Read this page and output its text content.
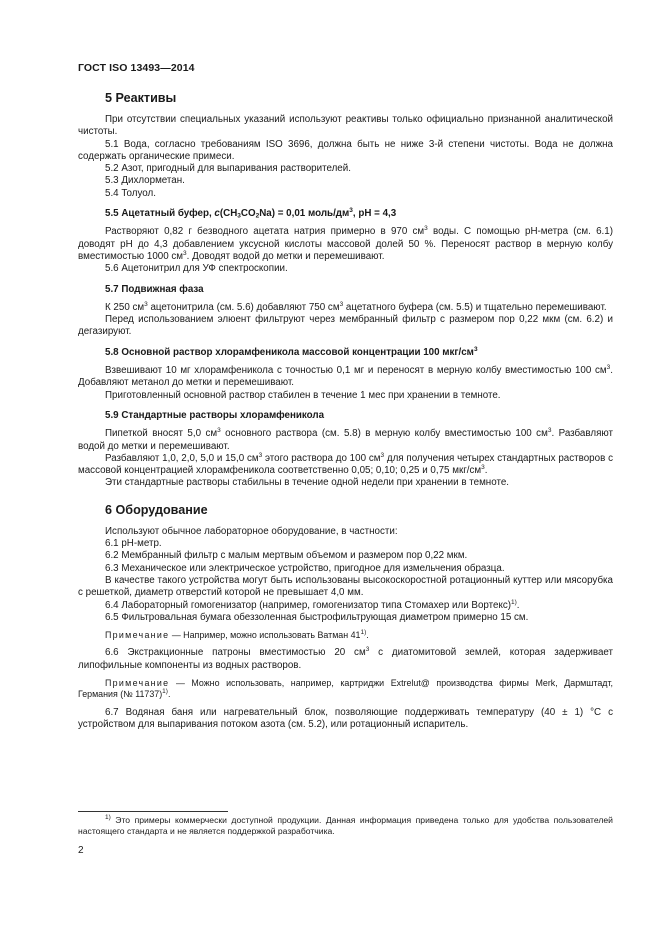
ГОСТ ISO 13493—2014
5 Реактивы

При отсутствии специальных указаний используют реактивы только официально признанной аналитической чистоты.

5.1 Вода, согласно требованиям ISO 3696, должна быть не ниже 3-й степени чистоты. Вода не должна содержать органические примеси.

5.2 Азот, пригодный для выпаривания растворителей.

5.3 Дихлорметан.

5.4 Толуол.

5.5 Ацетатный буфер, $c(CH_3CO_2Na) = 0,01$ моль/$дм^3$, pH = 4,3

Растворяют 0,82 г безводного ацетата натрия примерно в 970 $см^3$ воды. С помощью pH-метра (см. 6.1) доводят pH до 4,3 добавлением уксусной кислоты массовой долей 50 %. Переносят раствор в мерную колбу вместимостью 1000 $см^3$. Доводят водой до метки и перемешивают.

5.6 Ацетонитрил для УФ спектроскопии.

5.7 Подвижная фаза

К 250 $см^3$ ацетонитрила (см. 5.6) добавляют 750 $см^3$ ацетатного буфера (см. 5.5) и тщательно перемешивают.

Перед использованием элюент фильтруют через мембранный фильтр с размером пор 0,22 мкм (см. 6.2) и дегазируют.

5.8 Основной раствор хлорамфеникола массовой концентрации 100 мкг/$см^3$

Взвешивают 10 мг хлорамфеникола с точностью 0,1 мг и переносят в мерную колбу вместимостью 100 $см^3$. Добавляют метанол до метки и перемешивают.

Приготовленный основной раствор стабилен в течение 1 мес при хранении в темноте.

5.9 Стандартные растворы хлорамфеникола

Пипеткой вносят 5,0 $см^3$ основного раствора (см. 5.8) в мерную колбу вместимостью 100 $см^3$. Разбавляют водой до метки и перемешивают.

Разбавляют 1,0, 2,0, 5,0 и 15,0 $см^3$ этого раствора до 100 $см^3$ для получения четырех стандартных растворов с массовой концентрацией хлорамфеникола соответственно 0,05; 0,10; 0,25 и 0,75 мкг/$см^3$.

Эти стандартные растворы стабильны в течение одной недели при хранении в темноте.

6 Оборудование

Используют обычное лабораторное оборудование, в частности:

6.1 pH-метр.

6.2 Мембранный фильтр с малым мертвым объемом и размером пор 0,22 мкм.

6.3 Механическое или электрическое устройство, пригодное для измельчения образца.

В качестве такого устройства могут быть использованы высокоскоростной ротационный куттер или мясорубка с решеткой, диаметр отверстий которой не превышает 4,0 мм.

6.4 Лабораторный гомогенизатор (например, гомогенизатор типа Стомахер или Вортекс)$^{1)}$.

6.5 Фильтровальная бумага обеззоленная быстрофильтрующая диаметром примерно 15 см.

Примечание — Например, можно использовать Ватман 41$^{1)}$.

6.6 Экстракционные патроны вместимостью 20 $см^3$ с диатомитовой землей, которая задерживает липофильные компоненты из водных растворов.

Примечание — Можно использовать, например, картриджи Extrelut@ производства фирмы Merk, Дармштадт, Германия (№ 11737)$^{1)}$.

6.7 Водяная баня или нагревательный блок, позволяющие поддерживать температуру (40 ± 1) °С с устройством для выпаривания потоком азота (см. 5.2), или ротационный испаритель.

$^{1)}$ Это примеры коммерчески доступной продукции. Данная информация приведена только для удобства пользователей настоящего стандарта и не является поддержкой разработчика.
2
